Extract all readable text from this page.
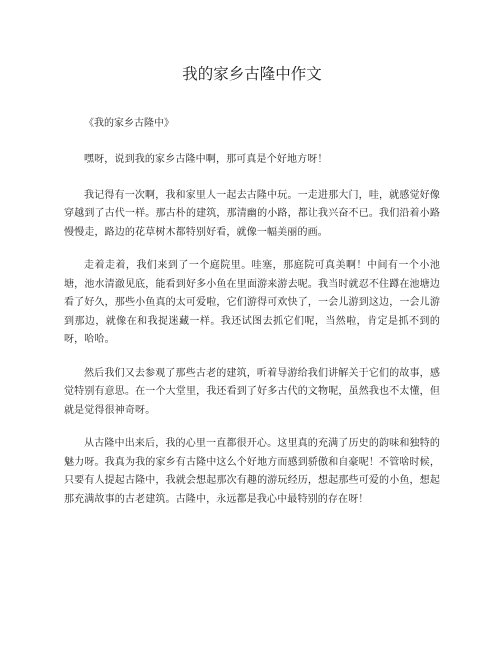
我的家乡古隆中作文
《我的家乡古隆中》

嘿呀，说到我的家乡古隆中啊，那可真是个好地方呀！

我记得有一次啊，我和家里人一起去古隆中玩。一走进那大门，哇，就感觉好像穿越到了古代一样。那古朴的建筑，那清幽的小路，都让我兴奋不已。我们沿着小路慢慢走，路边的花草树木都特别好看，就像一幅美丽的画。

走着走着，我们来到了一个庭院里。哇塞，那庭院可真美啊！中间有一个小池塘，池水清澈见底，能看到好多小鱼在里面游来游去呢。我当时就忍不住蹲在池塘边看了好久，那些小鱼真的太可爱啦，它们游得可欢快了，一会儿游到这边，一会儿游到那边，就像在和我捉迷藏一样。我还试图去抓它们呢，当然啦，肯定是抓不到的呀，哈哈。

然后我们又去参观了那些古老的建筑，听着导游给我们讲解关于它们的故事，感觉特别有意思。在一个大堂里，我还看到了好多古代的文物呢，虽然我也不太懂，但就是觉得很神奇呀。

从古隆中出来后，我的心里一直都很开心。这里真的充满了历史的韵味和独特的魅力呀。我真为我的家乡有古隆中这么个好地方而感到骄傲和自豪呢！不管啥时候，只要有人提起古隆中，我就会想起那次有趣的游玩经历，想起那些可爱的小鱼，想起那充满故事的古老建筑。古隆中，永远都是我心中最特别的存在呀！
